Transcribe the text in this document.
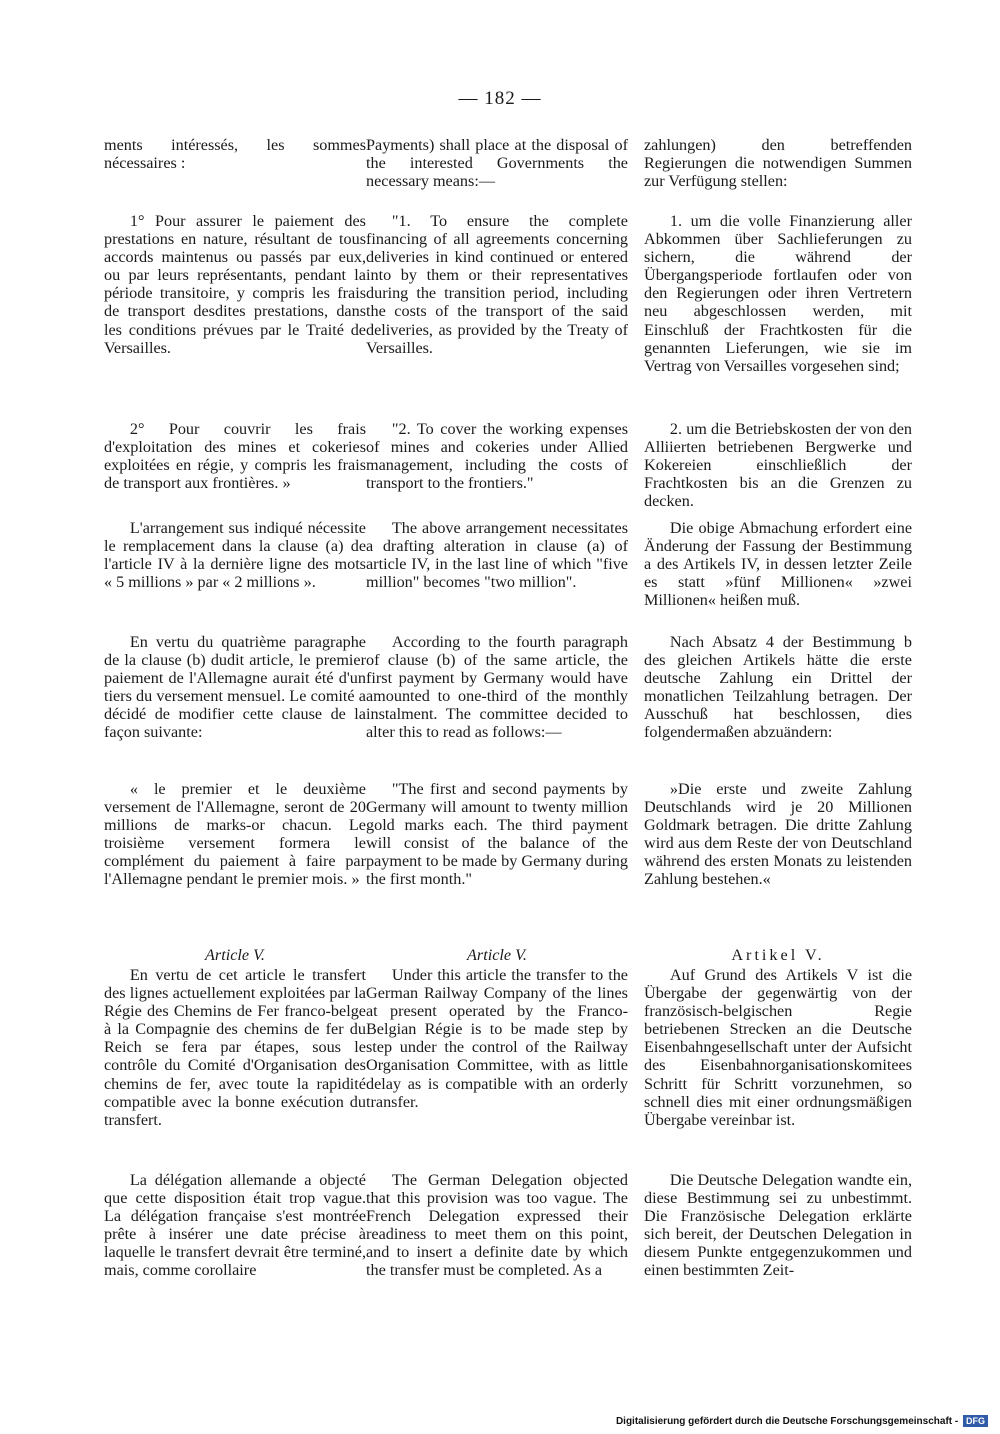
— 182 —

ments intéressés, les sommes nécessaires :

1° Pour assurer le paiement des prestations en nature, résultant de tous accords maintenus ou passés par eux, ou par leurs représentants, pendant la période transitoire, y compris les frais de transport desdites prestations, dans les conditions prévues par le Traité de Versailles.

2° Pour couvrir les frais d'exploitation des mines et cokeries exploitées en régie, y compris les frais de transport aux frontières. »

L'arrangement sus indiqué nécessite le remplacement dans la clause (a) de l'article IV à la dernière ligne des mots « 5 millions » par « 2 millions ».

En vertu du quatrième paragraphe de la clause (b) dudit article, le premier paiement de l'Allemagne aurait été d'un tiers du versement mensuel. Le comité a décidé de modifier cette clause de la façon suivante:

« le premier et le deuxième versement de l'Allemagne, seront de 20 millions de marks-or chacun. Le troisième versement formera le complément du paiement à faire par l'Allemagne pendant le premier mois. »

Article V.

En vertu de cet article le transfert des lignes actuellement exploitées par la Régie des Chemins de Fer franco-belge à la Compagnie des chemins de fer du Reich se fera par étapes, sous le contrôle du Comité d'Organisation des chemins de fer, avec toute la rapidité compatible avec la bonne exécution du transfert.

La délégation allemande a objecté que cette disposition était trop vague. La délégation française s'est montrée prête à insérer une date précise à laquelle le transfert devrait être terminé, mais, comme corollaire

Payments) shall place at the disposal of the interested Governments the necessary means:—

"1. To ensure the complete financing of all agreements concerning deliveries in kind continued or entered into by them or their representatives during the transition period, including the costs of the transport of the said deliveries, as provided by the Treaty of Versailles.

"2. To cover the working expenses of mines and cokeries under Allied management, including the costs of transport to the frontiers."

The above arrangement necessitates a drafting alteration in clause (a) of article IV, in the last line of which "five million" becomes "two million".

According to the fourth paragraph of clause (b) of the same article, the first payment by Germany would have amounted to one-third of the monthly instalment. The committee decided to alter this to read as follows:—

"The first and second payments by Germany will amount to twenty million gold marks each. The third payment will consist of the balance of the payment to be made by Germany during the first month."

Article V.

Under this article the transfer to the German Railway Company of the lines at present operated by the Franco-Belgian Régie is to be made step by step under the control of the Railway Organisation Committee, with as little delay as is compatible with an orderly transfer.

The German Delegation objected that this provision was too vague. The French Delegation expressed their readiness to meet them on this point, and to insert a definite date by which the transfer must be completed. As a

zahlungen) den betreffenden Regierungen die notwendigen Summen zur Verfügung stellen:

1. um die volle Finanzierung aller Abkommen über Sachlieferungen zu sichern, die während der Übergangsperiode fortlaufen oder von den Regierungen oder ihren Vertretern neu abgeschlossen werden, mit Einschluß der Frachtkosten für die genannten Lieferungen, wie sie im Vertrag von Versailles vorgesehen sind;

2. um die Betriebskosten der von den Alliierten betriebenen Bergwerke und Kokereien einschließlich der Frachtkosten bis an die Grenzen zu decken.

Die obige Abmachung erfordert eine Änderung der Fassung der Bestimmung a des Artikels IV, in dessen letzter Zeile es statt »fünf Millionen« »zwei Millionen« heißen muß.

Nach Absatz 4 der Bestimmung b des gleichen Artikels hätte die erste deutsche Zahlung ein Drittel der monatlichen Teilzahlung betragen. Der Ausschuß hat beschlossen, dies folgendermaßen abzuändern:

»Die erste und zweite Zahlung Deutschlands wird je 20 Millionen Goldmark betragen. Die dritte Zahlung wird aus dem Reste der von Deutschland während des ersten Monats zu leistenden Zahlung bestehen.«

Artikel V.

Auf Grund des Artikels V ist die Übergabe der gegenwärtig von der französisch-belgischen Regie betriebenen Strecken an die Deutsche Eisenbahngesellschaft unter der Aufsicht des Eisenbahnorganisationskomitees Schritt für Schritt vorzunehmen, so schnell dies mit einer ordnungsmäßigen Übergabe vereinbar ist.

Die Deutsche Delegation wandte ein, diese Bestimmung sei zu unbestimmt. Die Französische Delegation erklärte sich bereit, der Deutschen Delegation in diesem Punkte entgegenzukommen und einen bestimmten Zeit-

Digitalisierung gefördert durch die Deutsche Forschungsgemeinschaft - DFG
